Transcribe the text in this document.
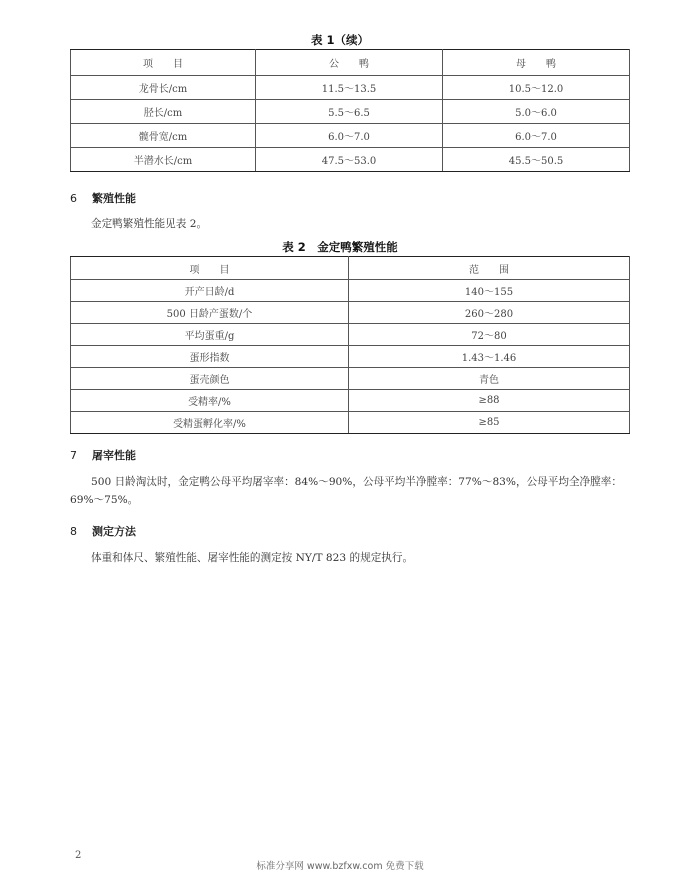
表 1（续）
项　　目	公　　鸭	母　　鸭
龙骨长/cm	11.5～13.5	10.5～12.0
胫长/cm	5.5～6.5	5.0～6.0
髋骨宽/cm	6.0～7.0	6.0～7.0
半潜水长/cm	47.5～53.0	45.5～50.5
6 繁殖性能

金定鸭繁殖性能见表 2。

表 2　金定鸭繁殖性能
项　　目	范　　围
开产日龄/d	140～155
500 日龄产蛋数/个	260～280
平均蛋重/g	72～80
蛋形指数	1.43～1.46
蛋壳颜色	青色
受精率/%	≥88
受精蛋孵化率/%	≥85
7 屠宰性能

500 日龄淘汰时，金定鸭公母平均屠宰率：84%～90%，公母平均半净膛率：77%～83%，公母平均全净膛率：69%～75%。

8 测定方法

体重和体尺、繁殖性能、屠宰性能的测定按 NY/T 823 的规定执行。

2
标准分享网 www.bzfxw.com 免费下载
